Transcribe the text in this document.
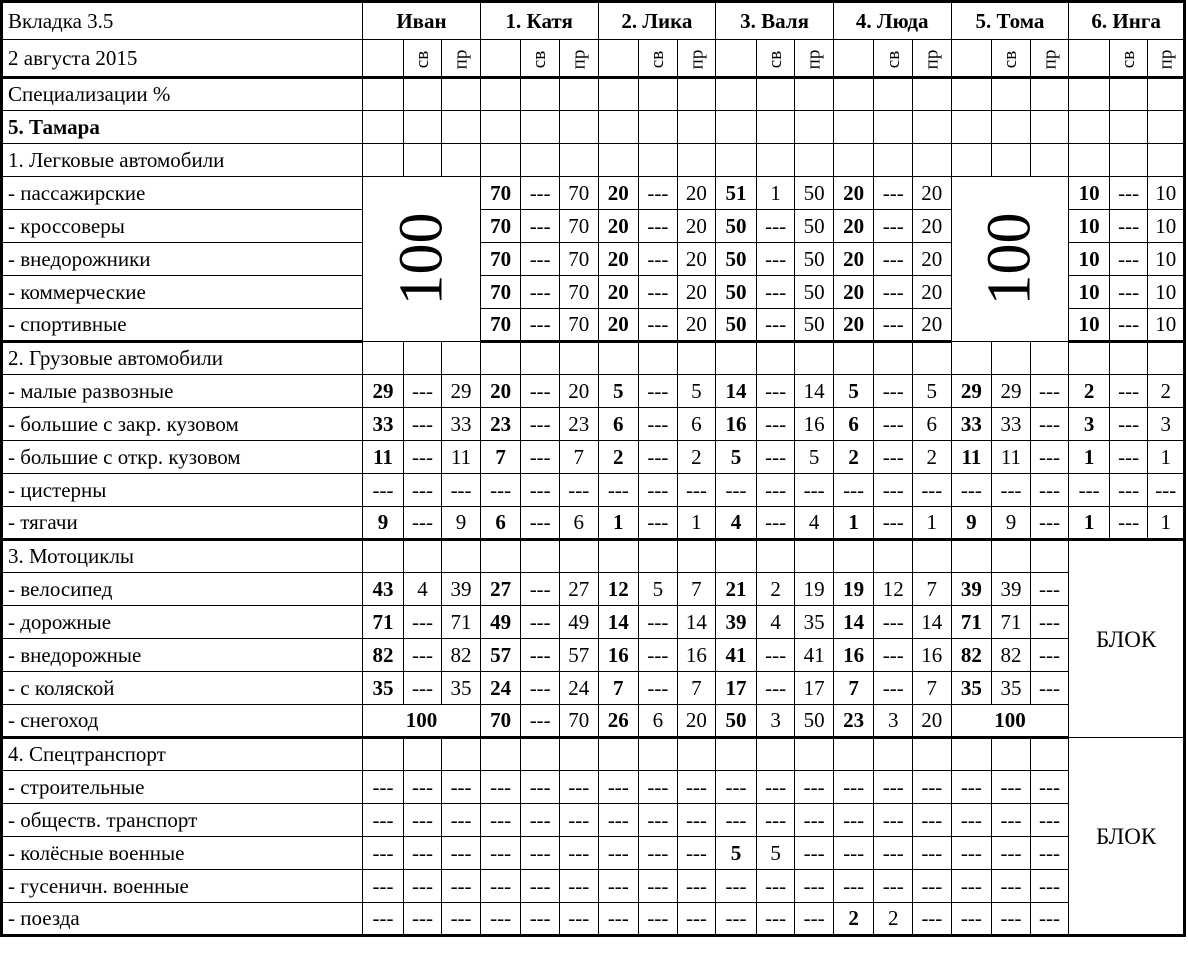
Вкладка 3.5	Иван			1. Катя			2. Лика			3. Валя			4. Люда			5. Тома			6. Инга		
2 августа 2015		св	пр		св	пр		св	пр		св	пр		св	пр		св	пр		св	пр
Специализации %																					
5. Тамара																					
1. Легковые автомобили																					
- пассажирские	100			70	---	70	20	---	20	51	1	50	20	---	20	100			10	---	10
- кроссоверы				70	---	70	20	---	20	50	---	50	20	---	20				10	---	10
- внедорожники				70	---	70	20	---	20	50	---	50	20	---	20				10	---	10
- коммерческие				70	---	70	20	---	20	50	---	50	20	---	20				10	---	10
- спортивные				70	---	70	20	---	20	50	---	50	20	---	20				10	---	10
2. Грузовые автомобили																					
- малые развозные	29	---	29	20	---	20	5	---	5	14	---	14	5	---	5	29	29	---	2	---	2
- большие с закр. кузовом	33	---	33	23	---	23	6	---	6	16	---	16	6	---	6	33	33	---	3	---	3
- большие с откр. кузовом	11	---	11	7	---	7	2	---	2	5	---	5	2	---	2	11	11	---	1	---	1
- цистерны	---	---	---	---	---	---	---	---	---	---	---	---	---	---	---	---	---	---	---	---	---
- тягачи	9	---	9	6	---	6	1	---	1	4	---	4	1	---	1	9	9	---	1	---	1
3. Мотоциклы																			БЛОК		
- велосипед	43	4	39	27	---	27	12	5	7	21	2	19	19	12	7	39	39	---			
- дорожные	71	---	71	49	---	49	14	---	14	39	4	35	14	---	14	71	71	---			
- внедорожные	82	---	82	57	---	57	16	---	16	41	---	41	16	---	16	82	82	---			
- с коляской	35	---	35	24	---	24	7	---	7	17	---	17	7	---	7	35	35	---			
- снегоход	100			70	---	70	26	6	20	50	3	50	23	3	20	100					
4. Спецтранспорт																			БЛОК		
- строительные	---	---	---	---	---	---	---	---	---	---	---	---	---	---	---	---	---	---			
- обществ. транспорт	---	---	---	---	---	---	---	---	---	---	---	---	---	---	---	---	---	---			
- колёсные военные	---	---	---	---	---	---	---	---	---	5	5	---	---	---	---	---	---	---			
- гусеничн. военные	---	---	---	---	---	---	---	---	---	---	---	---	---	---	---	---	---	---			
- поезда	---	---	---	---	---	---	---	---	---	---	---	---	2	2	---	---	---	---			
